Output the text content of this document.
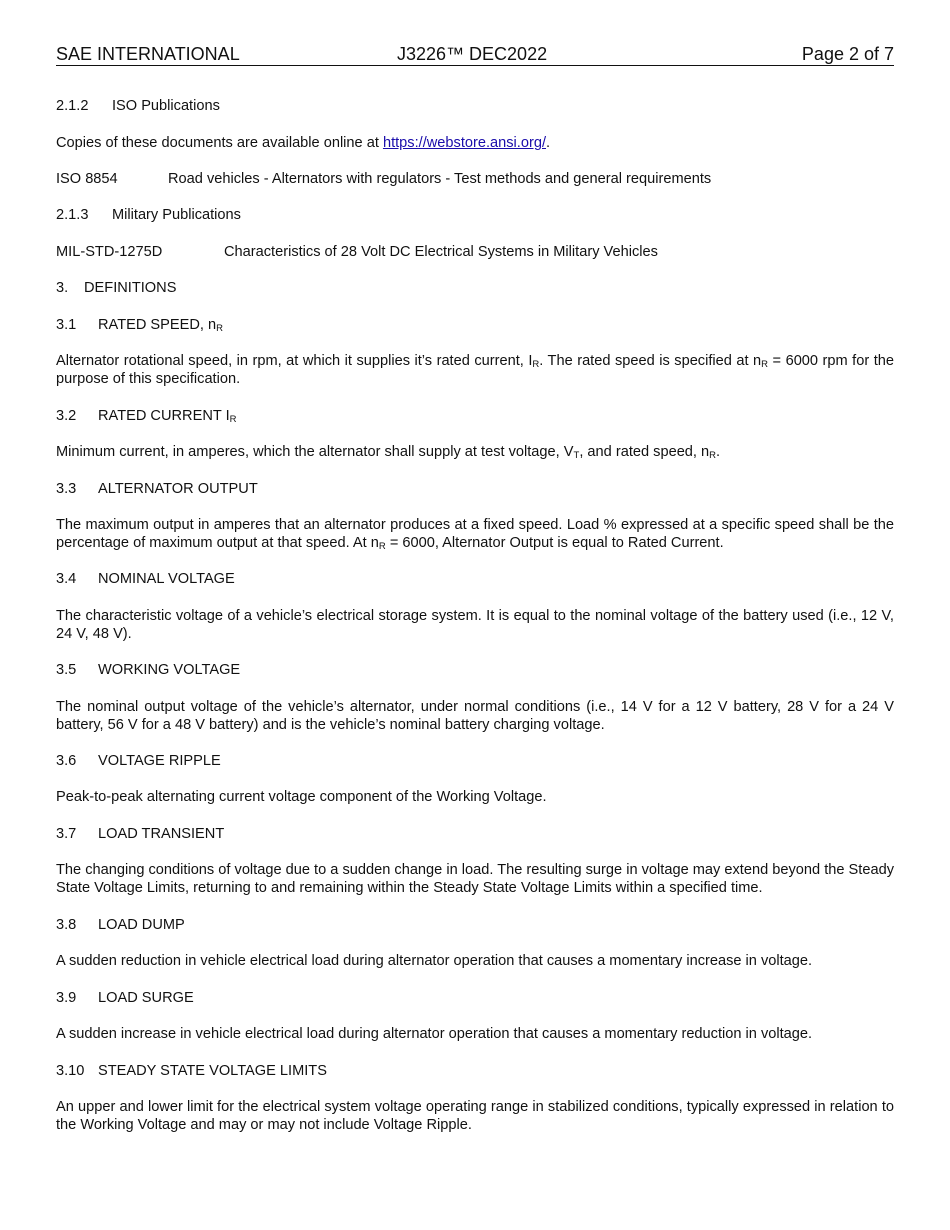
SAE INTERNATIONAL	J3226™ DEC2022	Page 2 of 7
2.1.2 ISO Publications
Copies of these documents are available online at https://webstore.ansi.org/.
ISO 8854	Road vehicles - Alternators with regulators - Test methods and general requirements
2.1.3 Military Publications
MIL-STD-1275D	Characteristics of 28 Volt DC Electrical Systems in Military Vehicles
3. DEFINITIONS
3.1 RATED SPEED, $n_R$
Alternator rotational speed, in rpm, at which it supplies it’s rated current, $I_R$. The rated speed is specified at $n_R = 6000$ rpm for the purpose of this specification.
3.2 RATED CURRENT $I_R$
Minimum current, in amperes, which the alternator shall supply at test voltage, $V_T$, and rated speed, $n_R$.
3.3 ALTERNATOR OUTPUT
The maximum output in amperes that an alternator produces at a fixed speed. Load % expressed at a specific speed shall be the percentage of maximum output at that speed. At $n_R = 6000$, Alternator Output is equal to Rated Current.
3.4 NOMINAL VOLTAGE
The characteristic voltage of a vehicle’s electrical storage system. It is equal to the nominal voltage of the battery used (i.e., 12 V, 24 V, 48 V).
3.5 WORKING VOLTAGE
The nominal output voltage of the vehicle’s alternator, under normal conditions (i.e., 14 V for a 12 V battery, 28 V for a 24 V battery, 56 V for a 48 V battery) and is the vehicle’s nominal battery charging voltage.
3.6 VOLTAGE RIPPLE
Peak-to-peak alternating current voltage component of the Working Voltage.
3.7 LOAD TRANSIENT
The changing conditions of voltage due to a sudden change in load. The resulting surge in voltage may extend beyond the Steady State Voltage Limits, returning to and remaining within the Steady State Voltage Limits within a specified time.
3.8 LOAD DUMP
A sudden reduction in vehicle electrical load during alternator operation that causes a momentary increase in voltage.
3.9 LOAD SURGE
A sudden increase in vehicle electrical load during alternator operation that causes a momentary reduction in voltage.
3.10 STEADY STATE VOLTAGE LIMITS
An upper and lower limit for the electrical system voltage operating range in stabilized conditions, typically expressed in relation to the Working Voltage and may or may not include Voltage Ripple.
